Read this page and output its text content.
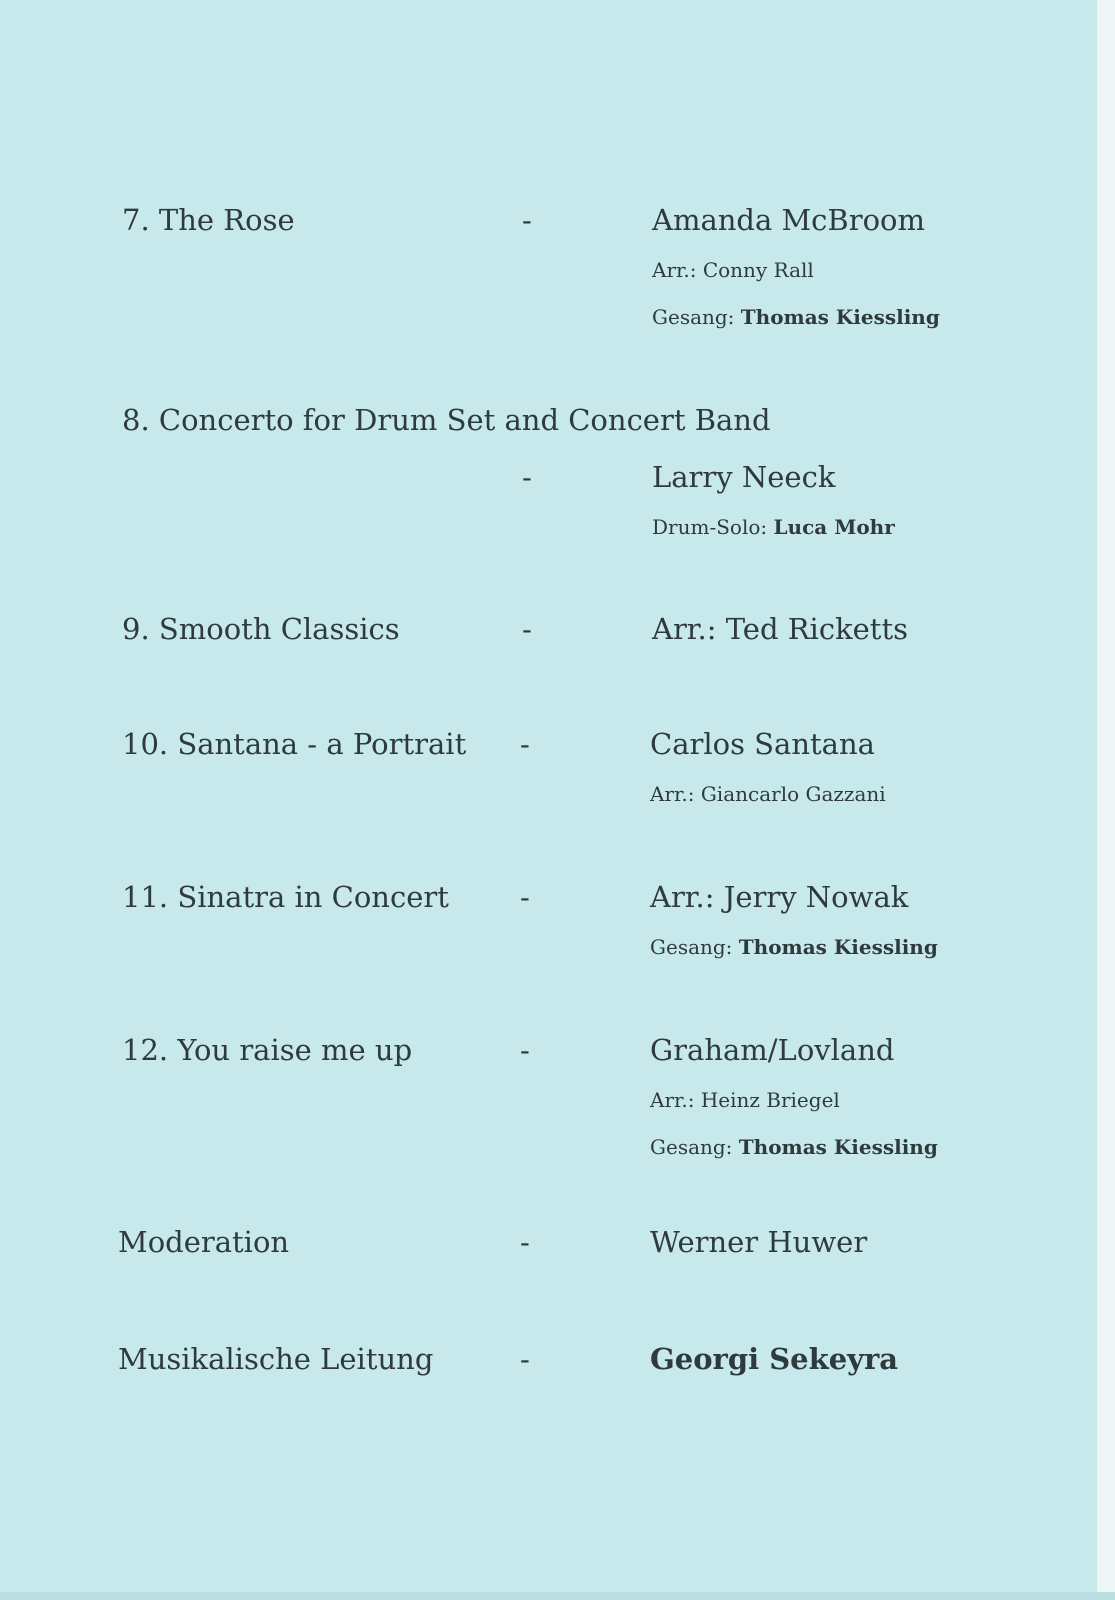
7. The Rose	-	Amanda McBroom
Arr.: Conny Rall
Gesang: Thomas Kiessling
8. Concerto for Drum Set and Concert Band
-	Larry Neeck
Drum-Solo: Luca Mohr
9. Smooth Classics	-	Arr.: Ted Ricketts
10. Santana - a Portrait -	Carlos Santana
Arr.: Giancarlo Gazzani
11. Sinatra in Concert -	Arr.: Jerry Nowak
Gesang: Thomas Kiessling
12. You raise me up	-	Graham/Lovland
Arr.: Heinz Briegel
Gesang: Thomas Kiessling
Moderation	-	Werner Huwer
Musikalische Leitung	-	Georgi Sekeyra
